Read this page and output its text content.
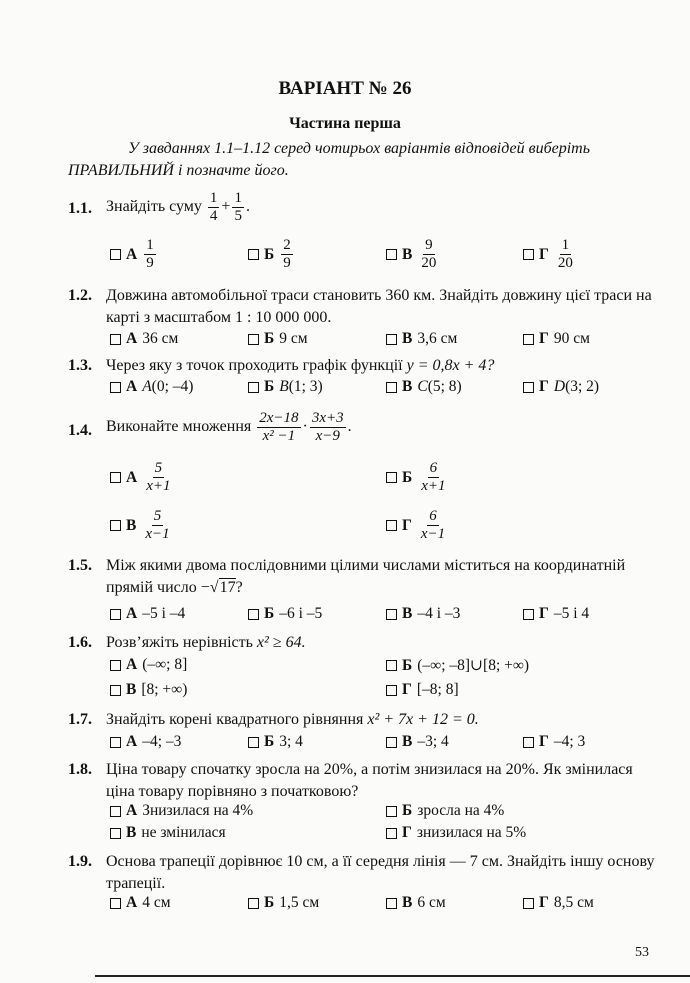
ВАРІАНТ № 26
Частина перша
У завданнях 1.1–1.12 серед чотирьох варіантів відповідей виберіть ПРАВИЛЬНИЙ і позначте його.
1.1. Знайдіть суму $\frac{1}{4} + \frac{1}{5}$ .
А $\frac{1}{9}$	Б $\frac{2}{9}$	В $\frac{9}{20}$	Г $\frac{1}{20}$
1.2. Довжина автомобільної траси становить 360 км. Знайдіть довжину цієї траси на карті з масштабом 1 : 10 000 000.
А 36 см	Б 9 см	В 3,6 см	Г 90 см
1.3. Через яку з точок проходить графік функції y = 0,8x + 4?
А A (0; –4)	Б B (1; 3)	В C (5; 8)	Г D (3; 2)
1.4. Виконайте множення $\frac{2x-18}{\text{x² −1}} \cdot \frac{3x+3}{x-9}$ .
А $\frac{5}{x+1}$	Б $\frac{6}{x+1}$
В $\frac{5}{x-1}$	Г $\frac{6}{x-1}$
1.5. Між якими двома послідовними цілими числами міститься на координатній прямій число −√17?
А –5 і –4	Б –6 і –5	В –4 і –3	Г –5 і 4
1.6. Розв’яжіть нерівність x² ≥ 64.
А (–∞; 8]	Б (–∞; –8]∪[8; +∞)
В [8; +∞)	Г [–8; 8]
1.7. Знайдіть корені квадратного рівняння x² + 7x + 12 = 0.
А –4; –3	Б 3; 4	В –3; 4	Г –4; 3
1.8. Ціна товару спочатку зросла на 20%, а потім знизилася на 20%. Як змінилася ціна товару порівняно з початковою?
А Знизилася на 4%	Б зросла на 4%
В не змінилася	Г знизилася на 5%
1.9. Основа трапеції дорівнює 10 см, а її середня лінія — 7 см. Знайдіть іншу основу трапеції.
А 4 см	Б 1,5 см	В 6 см	Г 8,5 см
53
